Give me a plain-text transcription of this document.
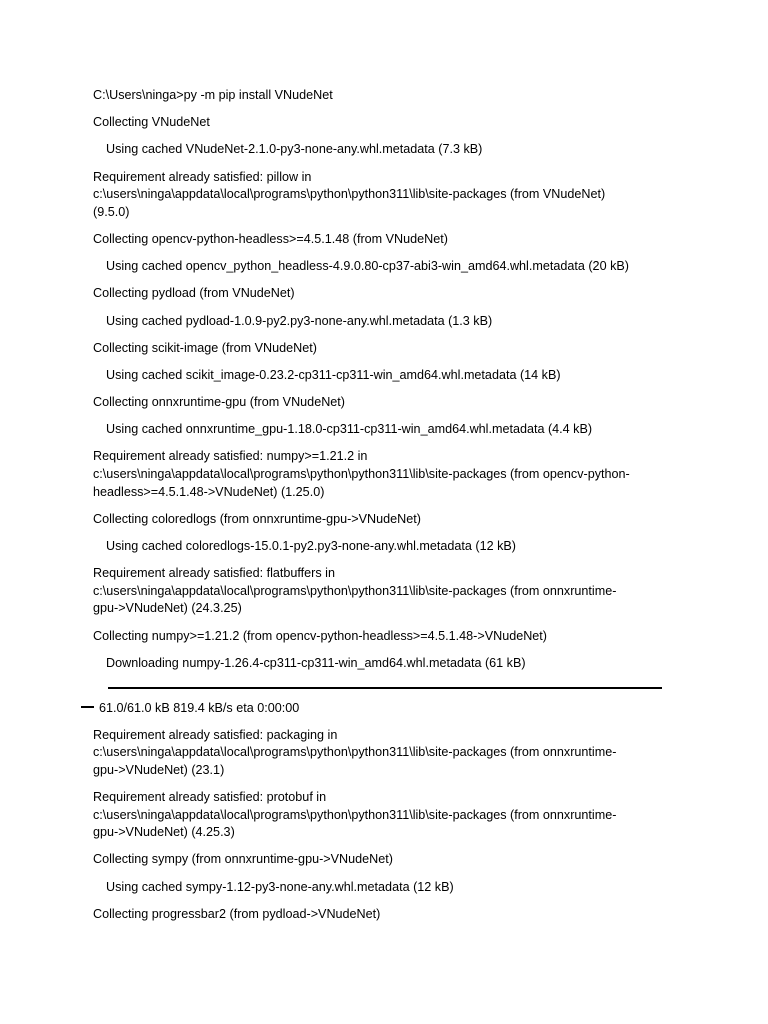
C:\Users\ninga>py -m pip install VNudeNet
Collecting VNudeNet
Using cached VNudeNet-2.1.0-py3-none-any.whl.metadata (7.3 kB)
Requirement already satisfied: pillow in
c:\users\ninga\appdata\local\programs\python\python311\lib\site-packages (from VNudeNet)
(9.5.0)
Collecting opencv-python-headless>=4.5.1.48 (from VNudeNet)
Using cached opencv_python_headless-4.9.0.80-cp37-abi3-win_amd64.whl.metadata (20 kB)
Collecting pydload (from VNudeNet)
Using cached pydload-1.0.9-py2.py3-none-any.whl.metadata (1.3 kB)
Collecting scikit-image (from VNudeNet)
Using cached scikit_image-0.23.2-cp311-cp311-win_amd64.whl.metadata (14 kB)
Collecting onnxruntime-gpu (from VNudeNet)
Using cached onnxruntime_gpu-1.18.0-cp311-cp311-win_amd64.whl.metadata (4.4 kB)
Requirement already satisfied: numpy>=1.21.2 in
c:\users\ninga\appdata\local\programs\python\python311\lib\site-packages (from opencv-python-
headless>=4.5.1.48->VNudeNet) (1.25.0)
Collecting coloredlogs (from onnxruntime-gpu->VNudeNet)
Using cached coloredlogs-15.0.1-py2.py3-none-any.whl.metadata (12 kB)
Requirement already satisfied: flatbuffers in
c:\users\ninga\appdata\local\programs\python\python311\lib\site-packages (from onnxruntime-
gpu->VNudeNet) (24.3.25)
Collecting numpy>=1.21.2 (from opencv-python-headless>=4.5.1.48->VNudeNet)
Downloading numpy-1.26.4-cp311-cp311-win_amd64.whl.metadata (61 kB)
61.0/61.0 kB 819.4 kB/s eta 0:00:00
Requirement already satisfied: packaging in
c:\users\ninga\appdata\local\programs\python\python311\lib\site-packages (from onnxruntime-
gpu->VNudeNet) (23.1)
Requirement already satisfied: protobuf in
c:\users\ninga\appdata\local\programs\python\python311\lib\site-packages (from onnxruntime-
gpu->VNudeNet) (4.25.3)
Collecting sympy (from onnxruntime-gpu->VNudeNet)
Using cached sympy-1.12-py3-none-any.whl.metadata (12 kB)
Collecting progressbar2 (from pydload->VNudeNet)
